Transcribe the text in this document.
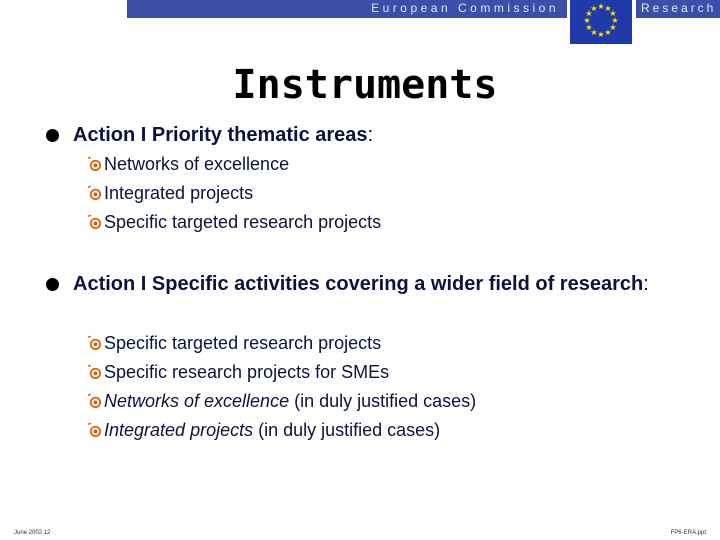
European Commission	★ ★
★
★
★
★
★
★
★
★
★
★	Research
Instruments
Action I Priority thematic areas:
Networks of excellence
Integrated projects
Specific targeted research projects
Action I Specific activities covering a wider field of research:
Specific targeted research projects
Specific research projects for SMEs
Networks of excellence (in duly justified cases)
Integrated projects (in duly justified cases)
June 2002 12	FP6-ERA.ppt
